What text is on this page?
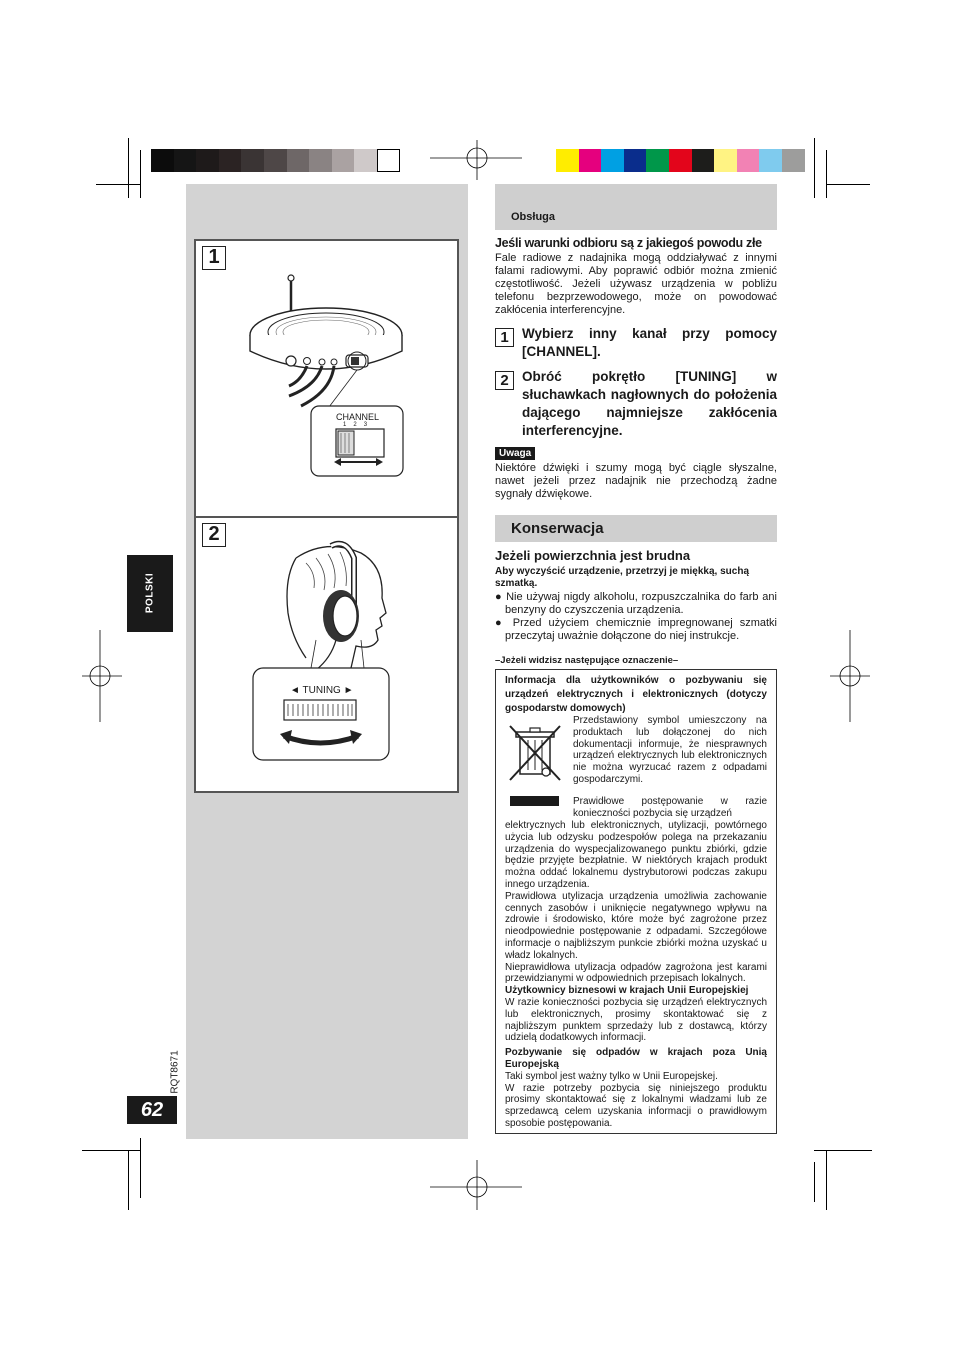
POLSKI
RQT8671
62
1
CHANNEL
1 2 3
2
◄ TUNING ►
Obsługa
Jeśli warunki odbioru są z jakiegoś powodu złe
Fale radiowe z nadajnika mogą oddziaływać z innymi falami radiowymi. Aby poprawić odbiór można zmienić częstotliwość. Jeżeli używasz urządzenia w pobliżu telefonu bezprzewodowego, może on powodować zakłócenia interferencyjne.
1 Wybierz inny kanał przy pomocy [CHANNEL].
2 Obróć pokrętło [TUNING] w słuchawkach nagłownych do położenia dającego najmniejsze zakłócenia interferencyjne.
Uwaga
Niektóre dźwięki i szumy mogą być ciągle słyszalne, nawet jeżeli przez nadajnik nie przechodzą żadne sygnały dźwiękowe.
Konserwacja
Jeżeli powierzchnia jest brudna
Aby wyczyścić urządzenie, przetrzyj je miękką, suchą szmatką.
● Nie używaj nigdy alkoholu, rozpuszczalnika do farb ani benzyny do czyszczenia urządzenia.
● Przed użyciem chemicznie impregnowanej szmatki przeczytaj uważnie dołączone do niej instrukcje.
–Jeżeli widzisz następujące oznaczenie–
Informacja dla użytkowników o pozbywaniu się urządzeń elektrycznych i elektronicznych (dotyczy gospodarstw domowych)

Przedstawiony symbol umieszczony na produktach lub dołączonej do nich dokumentacji informuje, że niesprawnych urządzeń elektrycznych lub elektronicznych nie można wyrzucać razem z odpadami gospodarczymi.

Prawidłowe postępowanie w razie konieczności pozbycia się urządzeń

elektrycznych lub elektronicznych, utylizacji, powtórnego użycia lub odzysku podzespołów polega na przekazaniu urządzenia do wyspecjalizowanego punktu zbiórki, gdzie będzie przyjęte bezpłatnie. W niektórych krajach produkt można oddać lokalnemu dystrybutorowi podczas zakupu innego urządzenia.

Prawidłowa utylizacja urządzenia umożliwia zachowanie cennych zasobów i uniknięcie negatywnego wpływu na zdrowie i środowisko, które może być zagrożone przez nieodpowiednie postępowanie z odpadami. Szczegółowe informacje o najbliższym punkcie zbiórki można uzyskać u władz lokalnych.

Nieprawidłowa utylizacja odpadów zagrożona jest karami przewidzianymi w odpowiednich przepisach lokalnych.

Użytkownicy biznesowi w krajach Unii Europejskiej

W razie konieczności pozbycia się urządzeń elektrycznych lub elektronicznych, prosimy skontaktować się z najbliższym punktem sprzedaży lub z dostawcą, którzy udzielą dodatkowych informacji.

Pozbywanie się odpadów w krajach poza Unią Europejską

Taki symbol jest ważny tylko w Unii Europejskej.

W razie potrzeby pozbycia się niniejszego produktu prosimy skontaktować się z lokalnymi władzami lub ze sprzedawcą celem uzyskania informacji o prawidłowym sposobie postępowania.
